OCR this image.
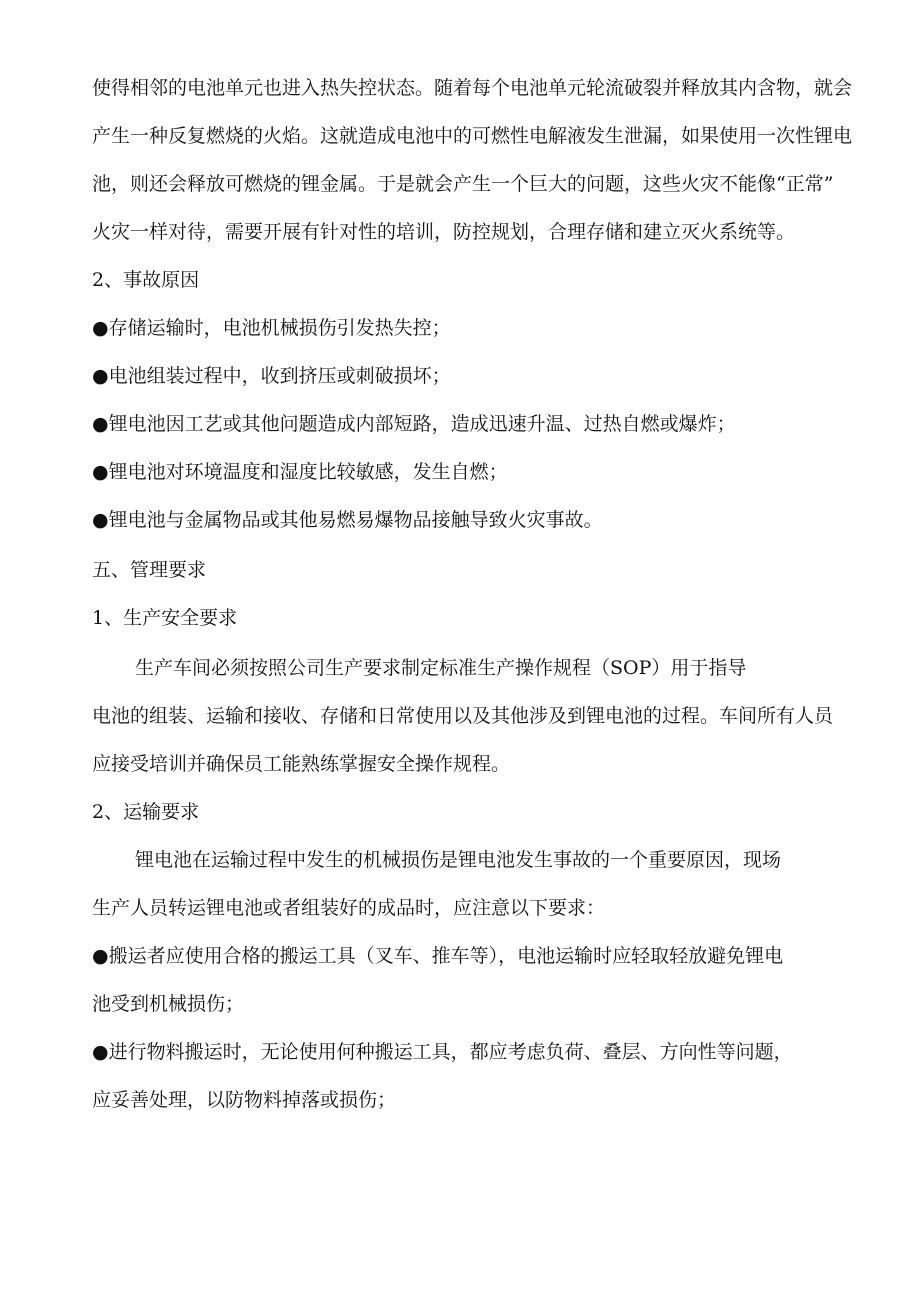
使得相邻的电池单元也进入热失控状态。随着每个电池单元轮流破裂并释放其内含物，就会
产生一种反复燃烧的火焰。这就造成电池中的可燃性电解液发生泄漏，如果使用一次性锂电
池，则还会释放可燃烧的锂金属。于是就会产生一个巨大的问题，这些火灾不能像“正常”
火灾一样对待，需要开展有针对性的培训，防控规划，合理存储和建立灭火系统等。
2、事故原因
●存储运输时，电池机械损伤引发热失控；
●电池组装过程中，收到挤压或刺破损坏；
●锂电池因工艺或其他问题造成内部短路，造成迅速升温、过热自燃或爆炸；
●锂电池对环境温度和湿度比较敏感，发生自燃；
●锂电池与金属物品或其他易燃易爆物品接触导致火灾事故。
五、管理要求
1、生产安全要求
生产车间必须按照公司生产要求制定标准生产操作规程（SOP）用于指导
电池的组装、运输和接收、存储和日常使用以及其他涉及到锂电池的过程。车间所有人员
应接受培训并确保员工能熟练掌握安全操作规程。
2、运输要求
锂电池在运输过程中发生的机械损伤是锂电池发生事故的一个重要原因，现场
生产人员转运锂电池或者组装好的成品时，应注意以下要求：
●搬运者应使用合格的搬运工具（叉车、推车等），电池运输时应轻取轻放避免锂电
池受到机械损伤；
●进行物料搬运时，无论使用何种搬运工具，都应考虑负荷、叠层、方向性等问题，
应妥善处理，以防物料掉落或损伤；
